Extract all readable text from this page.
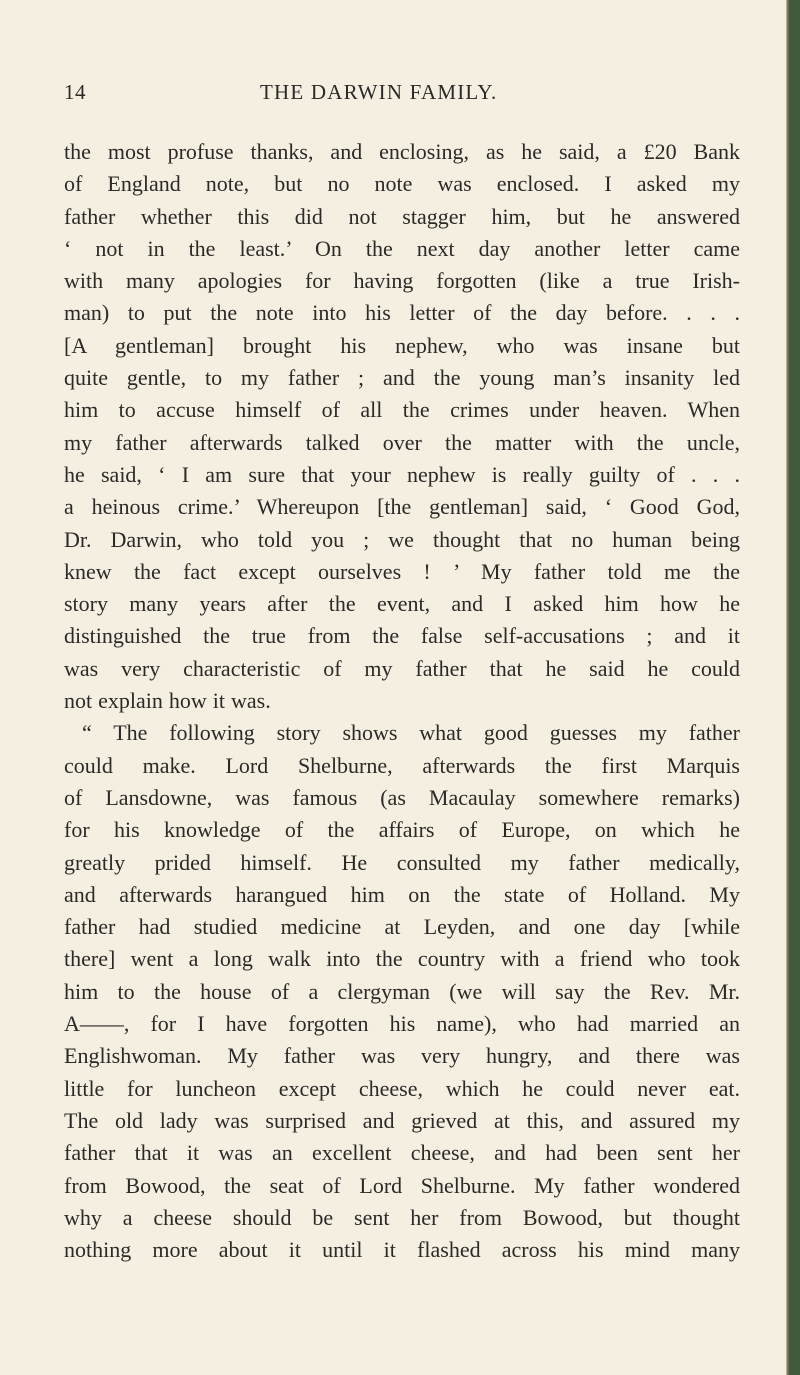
14	THE DARWIN FAMILY.
the most profuse thanks, and enclosing, as he said, a £20 Bank
of England note, but no note was enclosed. I asked my
father whether this did not stagger him, but he answered
‘ not in the least.’ On the next day another letter came
with many apologies for having forgotten (like a true Irish-
man) to put the note into his letter of the day before. . . .
[A gentleman] brought his nephew, who was insane but
quite gentle, to my father ; and the young man’s insanity led
him to accuse himself of all the crimes under heaven. When
my father afterwards talked over the matter with the uncle,
he said, ‘ I am sure that your nephew is really guilty of . . .
a heinous crime.’ Whereupon [the gentleman] said, ‘ Good God,
Dr. Darwin, who told you ; we thought that no human being
knew the fact except ourselves ! ’ My father told me the
story many years after the event, and I asked him how he
distinguished the true from the false self-accusations ; and it
was very characteristic of my father that he said he could
not explain how it was.
“ The following story shows what good guesses my father
could make. Lord Shelburne, afterwards the first Marquis
of Lansdowne, was famous (as Macaulay somewhere remarks)
for his knowledge of the affairs of Europe, on which he
greatly prided himself. He consulted my father medically,
and afterwards harangued him on the state of Holland. My
father had studied medicine at Leyden, and one day [while
there] went a long walk into the country with a friend who took
him to the house of a clergyman (we will say the Rev. Mr.
A——, for I have forgotten his name), who had married an
Englishwoman. My father was very hungry, and there was
little for luncheon except cheese, which he could never eat.
The old lady was surprised and grieved at this, and assured my
father that it was an excellent cheese, and had been sent her
from Bowood, the seat of Lord Shelburne. My father wondered
why a cheese should be sent her from Bowood, but thought
nothing more about it until it flashed across his mind many
